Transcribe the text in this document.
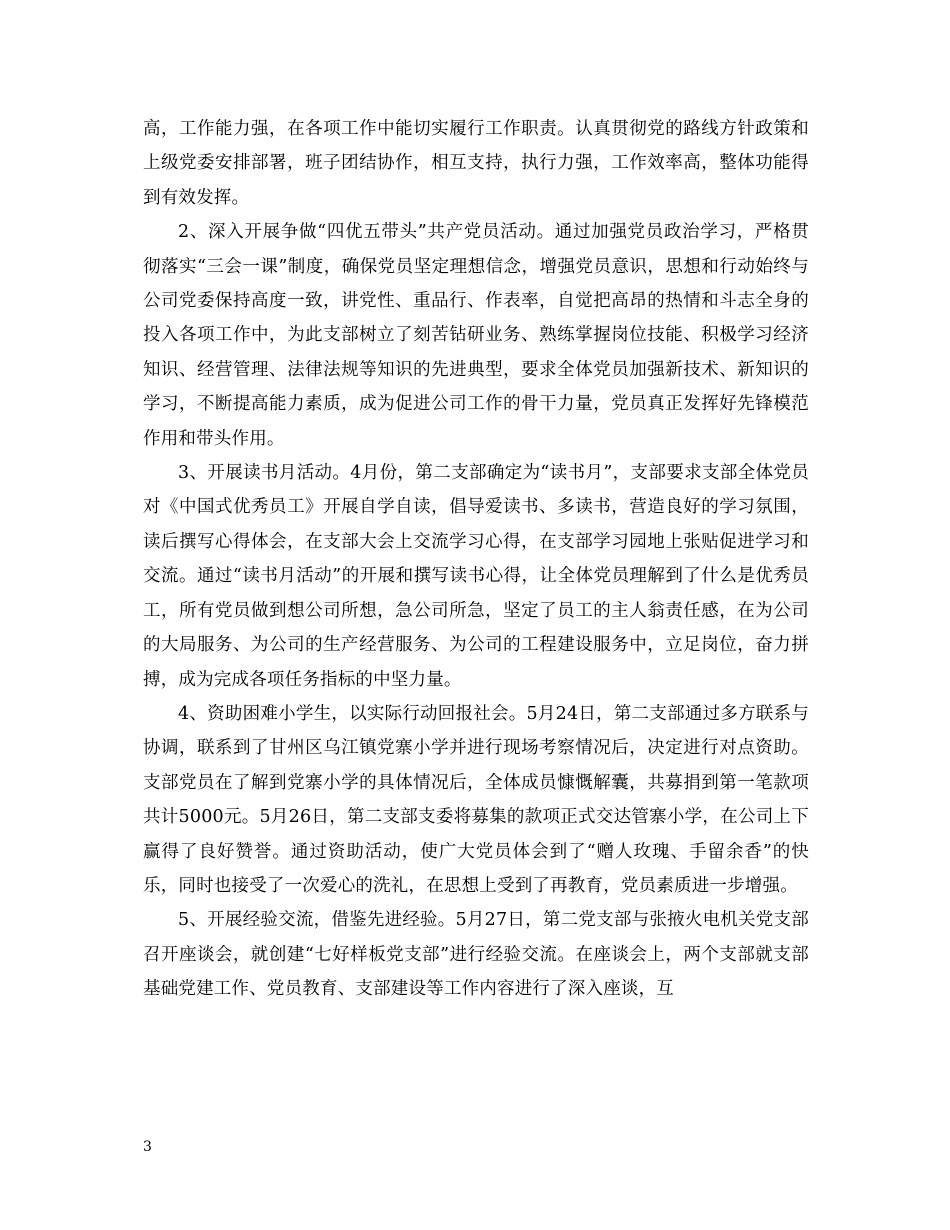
高，工作能力强，在各项工作中能切实履行工作职责。认真贯彻党的路线方针政策和上级党委安排部署，班子团结协作，相互支持，执行力强，工作效率高，整体功能得到有效发挥。

2、深入开展争做“四优五带头”共产党员活动。通过加强党员政治学习，严格贯彻落实“三会一课”制度，确保党员坚定理想信念，增强党员意识，思想和行动始终与公司党委保持高度一致，讲党性、重品行、作表率，自觉把高昂的热情和斗志全身的投入各项工作中，为此支部树立了刻苦钻研业务、熟练掌握岗位技能、积极学习经济知识、经营管理、法律法规等知识的先进典型，要求全体党员加强新技术、新知识的学习，不断提高能力素质，成为促进公司工作的骨干力量，党员真正发挥好先锋模范作用和带头作用。

3、开展读书月活动。4月份，第二支部确定为“读书月”，支部要求支部全体党员对《中国式优秀员工》开展自学自读，倡导爱读书、多读书，营造良好的学习氛围，读后撰写心得体会，在支部大会上交流学习心得，在支部学习园地上张贴促进学习和交流。通过“读书月活动”的开展和撰写读书心得，让全体党员理解到了什么是优秀员工，所有党员做到想公司所想，急公司所急，坚定了员工的主人翁责任感，在为公司的大局服务、为公司的生产经营服务、为公司的工程建设服务中，立足岗位，奋力拼搏，成为完成各项任务指标的中坚力量。

4、资助困难小学生，以实际行动回报社会。5月24日，第二支部通过多方联系与协调，联系到了甘州区乌江镇党寨小学并进行现场考察情况后，决定进行对点资助。支部党员在了解到党寨小学的具体情况后，全体成员慷慨解囊，共募捐到第一笔款项共计5000元。5月26日，第二支部支委将募集的款项正式交达管寨小学，在公司上下赢得了良好赞誉。通过资助活动，使广大党员体会到了“赠人玫瑰、手留余香”的快乐，同时也接受了一次爱心的洗礼，在思想上受到了再教育，党员素质进一步增强。

5、开展经验交流，借鉴先进经验。5月27日，第二党支部与张掖火电机关党支部召开座谈会，就创建“七好样板党支部”进行经验交流。在座谈会上，两个支部就支部基础党建工作、党员教育、支部建设等工作内容进行了深入座谈，互

3
